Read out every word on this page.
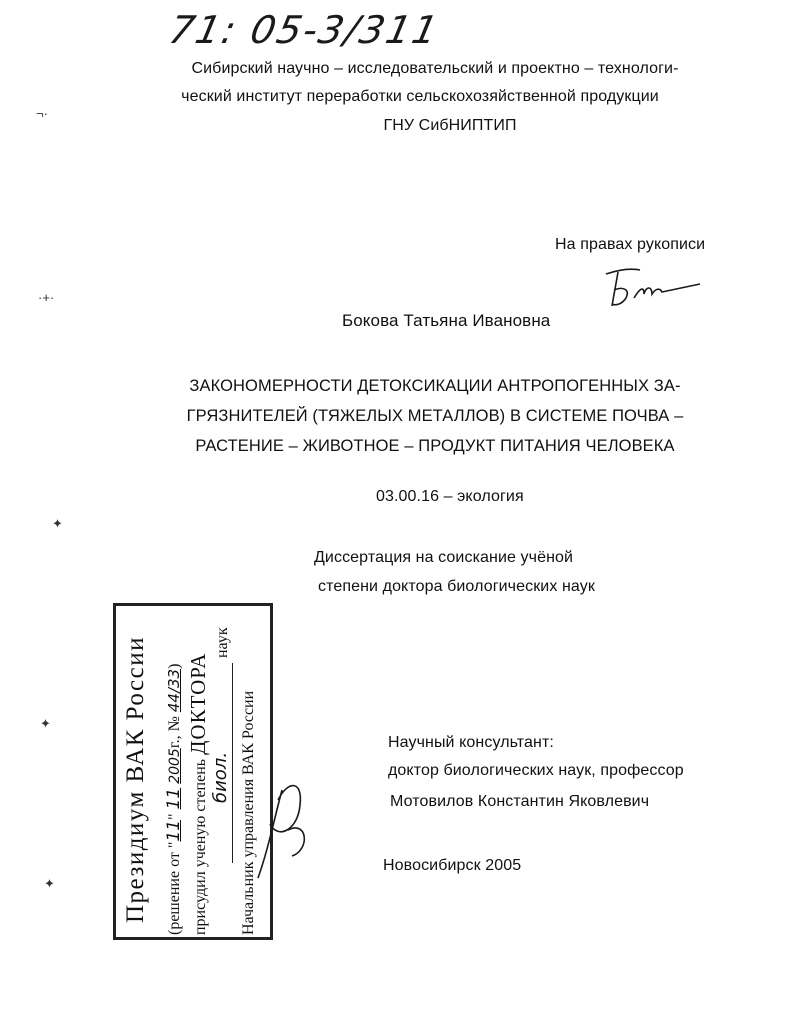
71: 05-3/311
Сибирский научно – исследовательский и проектно – технологи-
ческий институт переработки сельскохозяйственной продукции
ГНУ СибНИПТИП
На правах рукописи
Бокова Татьяна Ивановна
ЗАКОНОМЕРНОСТИ ДЕТОКСИКАЦИИ АНТРОПОГЕННЫХ ЗА-
ГРЯЗНИТЕЛЕЙ (ТЯЖЕЛЫХ МЕТАЛЛОВ) В СИСТЕМЕ ПОЧВА –
РАСТЕНИЕ – ЖИВОТНОЕ – ПРОДУКТ ПИТАНИЯ ЧЕЛОВЕКА
03.00.16 – экология
Диссертация на соискание учёной
степени доктора биологических наук
Президиум ВАК России (решение от "11" 11 2005г., № 44/33)
присудил ученую степень ДОКТОРА
биол.
наук
Начальник управления ВАК России	Научный консультант:
доктор биологических наук, профессор
Мотовилов Константин Яковлевич
Новосибирск 2005
¬·
·+·
✦
✦
✦
